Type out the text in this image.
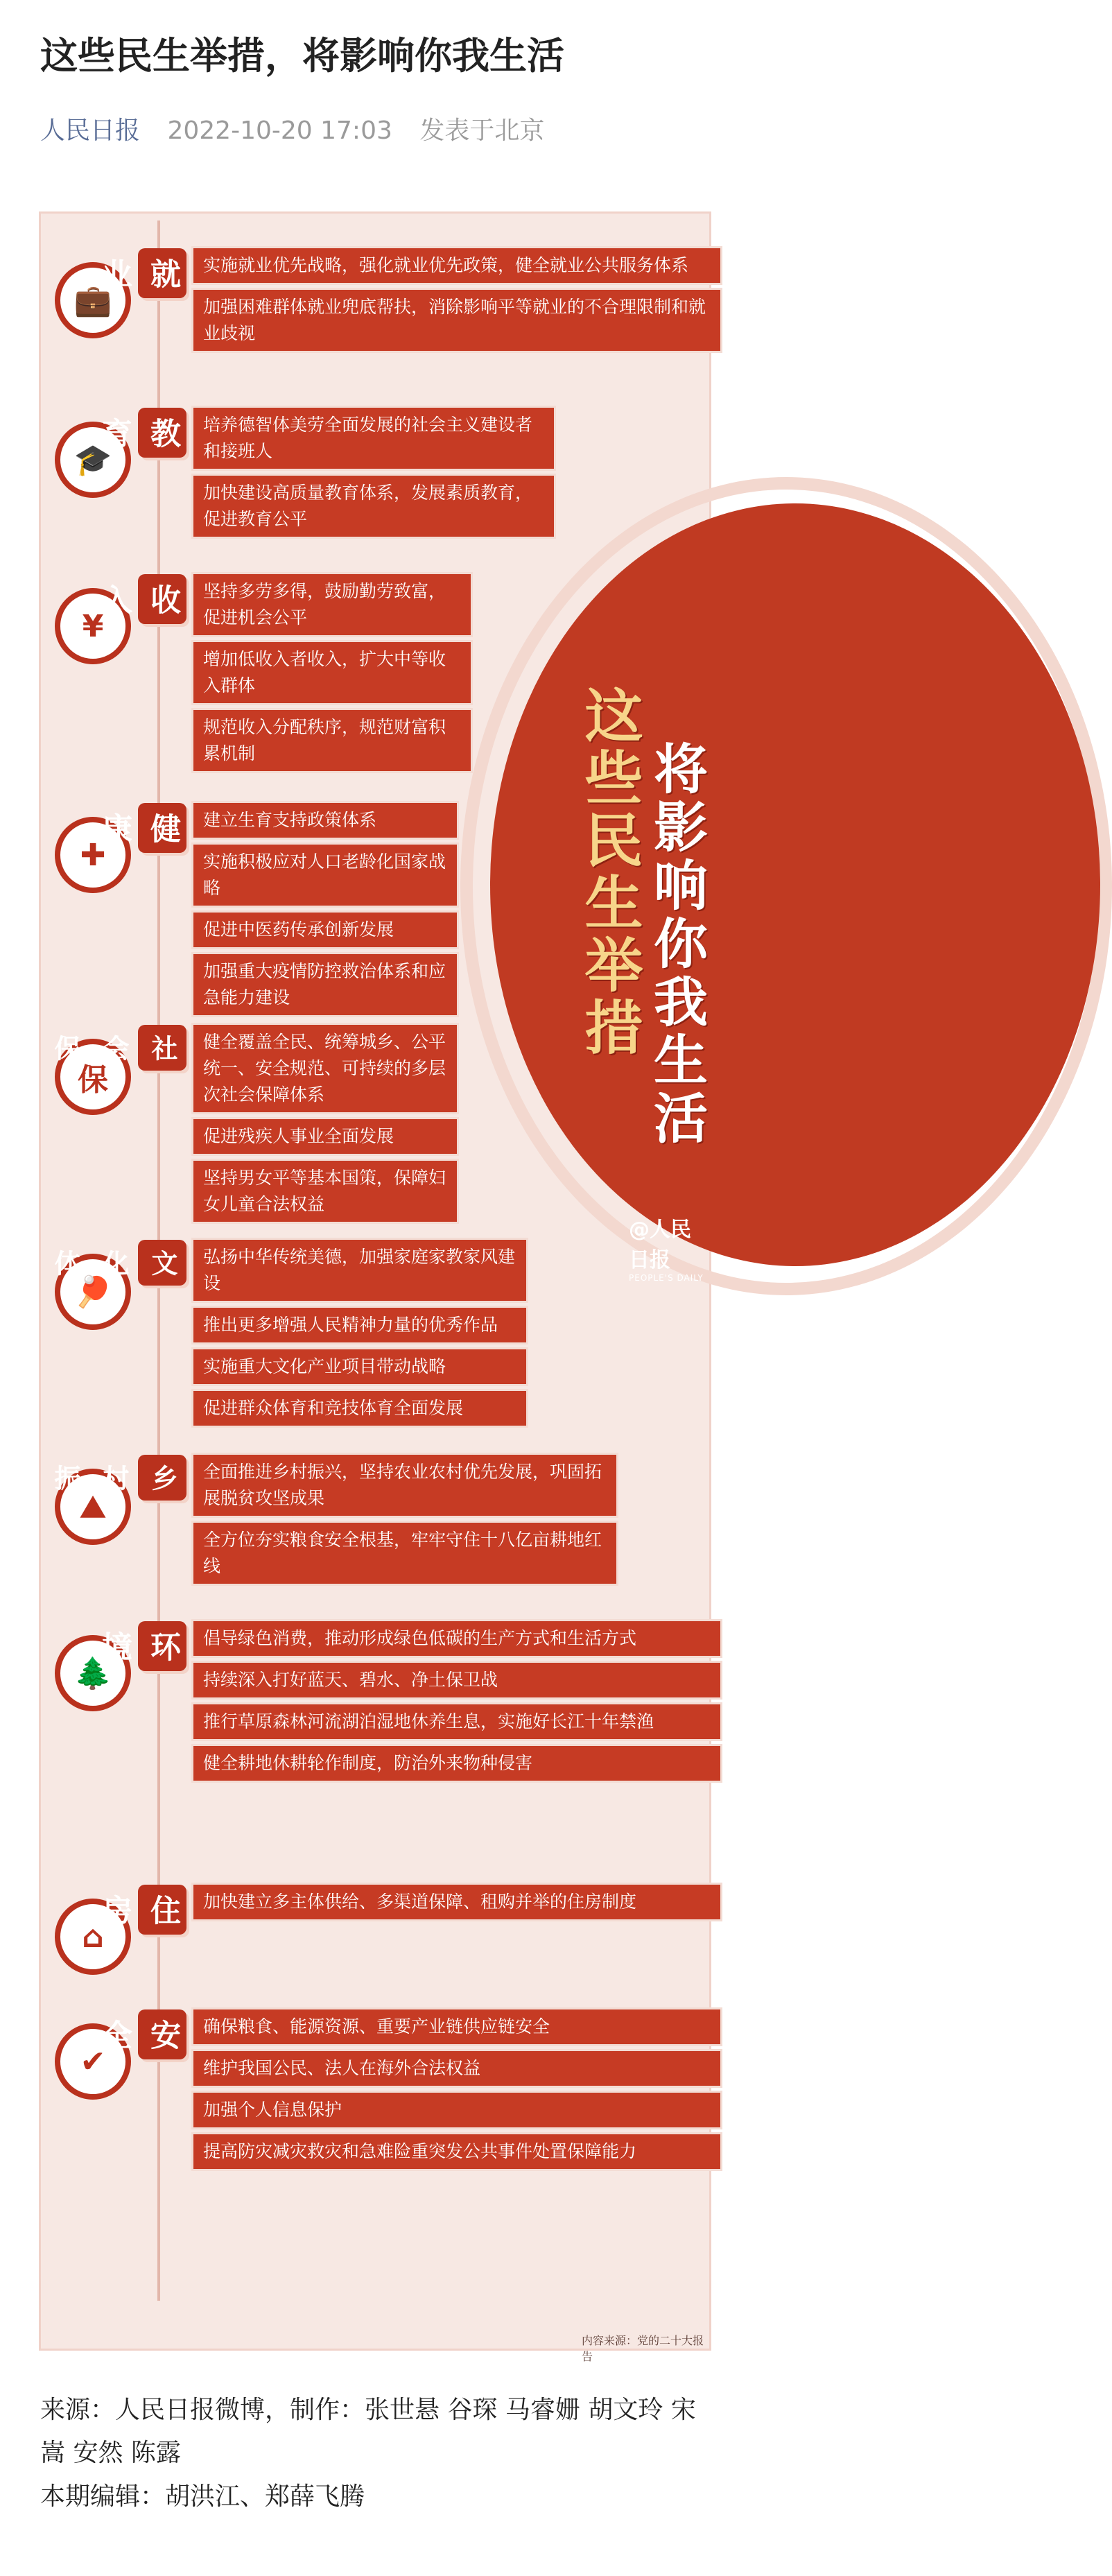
这些民生举措，将影响你我生活
人民日报 2022-10-20 17:03 发表于北京
这些民生举措 将影响你我生活
@人民日报
PEOPLE'S DAILY
💼
就业	实施就业优先战略，强化就业优先政策，健全就业公共服务体系
加强困难群体就业兜底帮扶，消除影响平等就业的不合理限制和就业歧视
🎓
教育	培养德智体美劳全面发展的社会主义建设者和接班人
加快建设高质量教育体系，发展素质教育，促进教育公平
¥
收入	坚持多劳多得，鼓励勤劳致富，促进机会公平
增加低收入者收入，扩大中等收入群体
规范收入分配秩序，规范财富积累机制
✚
健康	建立生育支持政策体系
实施积极应对人口老龄化国家战略
促进中医药传承创新发展
加强重大疫情防控救治体系和应急能力建设
保
社会保障	健全覆盖全民、统筹城乡、公平统一、安全规范、可持续的多层次社会保障体系
促进残疾人事业全面发展
坚持男女平等基本国策，保障妇女儿童合法权益
🏓
文化体育	弘扬中华传统美德，加强家庭家教家风建设
推出更多增强人民精神力量的优秀作品
实施重大文化产业项目带动战略
促进群众体育和竞技体育全面发展
⛰
乡村振兴	全面推进乡村振兴，坚持农业农村优先发展，巩固拓展脱贫攻坚成果
全方位夯实粮食安全根基，牢牢守住十八亿亩耕地红线
🌲
环境	倡导绿色消费，推动形成绿色低碳的生产方式和生活方式
持续深入打好蓝天、碧水、净土保卫战
推行草原森林河流湖泊湿地休养生息，实施好长江十年禁渔
健全耕地休耕轮作制度，防治外来物种侵害
⌂
住房	加快建立多主体供给、多渠道保障、租购并举的住房制度
✔
安全	确保粮食、能源资源、重要产业链供应链安全
维护我国公民、法人在海外合法权益
加强个人信息保护
提高防灾减灾救灾和急难险重突发公共事件处置保障能力
内容来源：党的二十大报告
来源：人民日报微博，制作：张世悬 谷琛 马睿姗 胡文玲 宋嵩 安然 陈露
本期编辑：胡洪江、郑薛飞腾
